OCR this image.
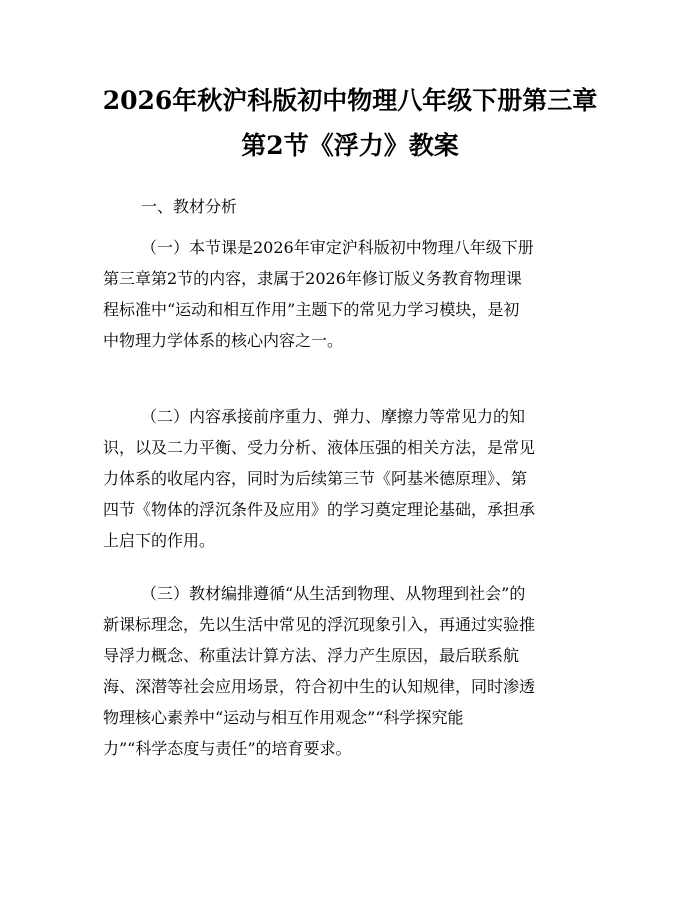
2026年秋沪科版初中物理八年级下册第三章
第2节《浮力》教案
一、教材分析
（一）本节课是2026年审定沪科版初中物理八年级下册
第三章第2节的内容，隶属于2026年修订版义务教育物理课
程标准中“运动和相互作用”主题下的常见力学习模块，是初
中物理力学体系的核心内容之一。
（二）内容承接前序重力、弹力、摩擦力等常见力的知
识，以及二力平衡、受力分析、液体压强的相关方法，是常见
力体系的收尾内容，同时为后续第三节《阿基米德原理》、第
四节《物体的浮沉条件及应用》的学习奠定理论基础，承担承
上启下的作用。
（三）教材编排遵循“从生活到物理、从物理到社会”的
新课标理念，先以生活中常见的浮沉现象引入，再通过实验推
导浮力概念、称重法计算方法、浮力产生原因，最后联系航
海、深潜等社会应用场景，符合初中生的认知规律，同时渗透
物理核心素养中“运动与相互作用观念”“科学探究能
力”“科学态度与责任”的培育要求。
